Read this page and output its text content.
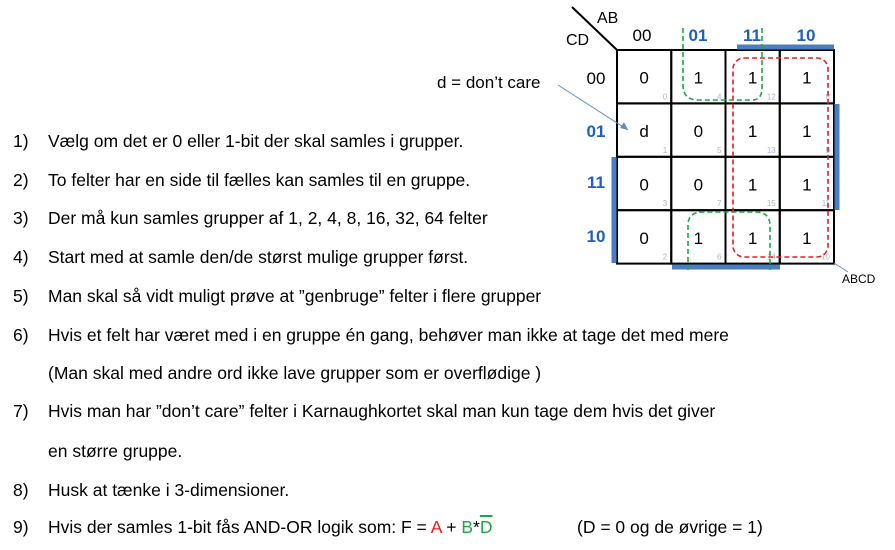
1) Vælg om det er 0 eller 1-bit der skal samles i grupper.
2) To felter har en side til fælles kan samles til en gruppe.
3) Der må kun samles grupper af 1, 2, 4, 8, 16, 32, 64 felter
4) Start med at samle den/de størst mulige grupper først.
5) Man skal så vidt muligt prøve at ”genbruge” felter i flere grupper
6) Hvis et felt har været med i en gruppe én gang, behøver man ikke at tage det med mere
(Man skal med andre ord ikke lave grupper som er overflødige )
7) Hvis man har ”don’t care” felter i Karnaughkortet skal man kun tage dem hvis det giver
en større gruppe.
8) Husk at tænke i 3-dimensioner.
9) Hvis der samles 1-bit fås AND-OR logik som: $F = A + B*\overline{D}$	(D = 0 og de øvrige = 1)
0
0
1
4
1
12
1
8
d
1
0
5
1
13
1
9
0
3
0
7
1
15
1
11
0
2
1
6
1
14
1
10
00 01 11 10
00
01
11
10
AB
CD
d = don’t care
ABCD
